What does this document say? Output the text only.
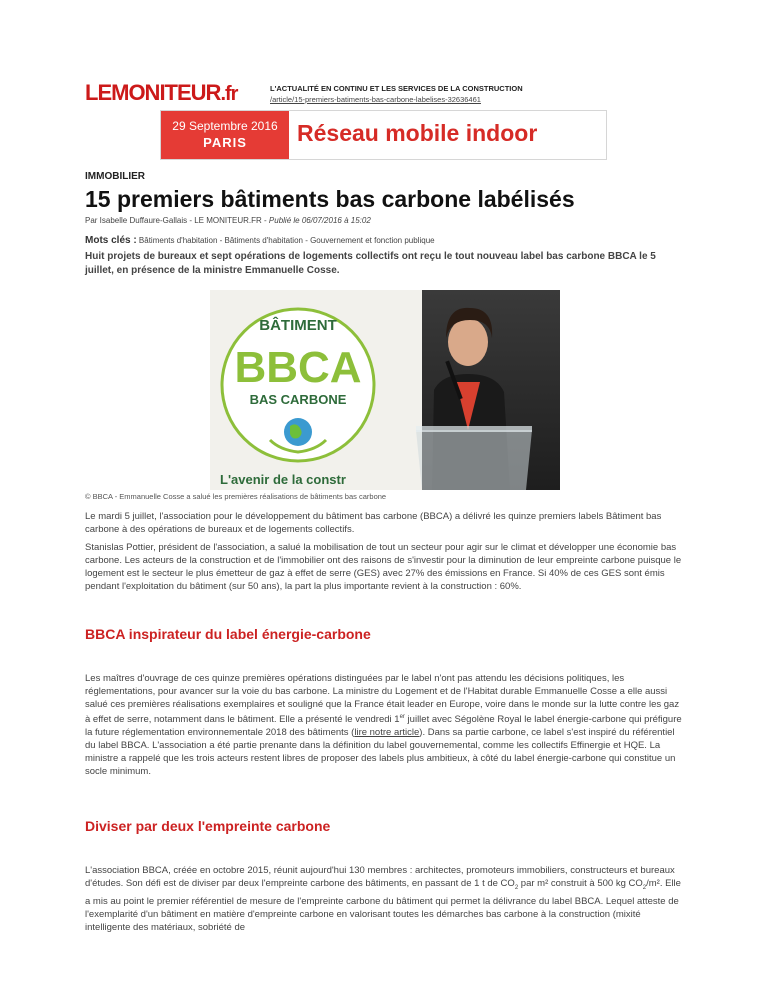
LEMONITEUR.fr	L'ACTUALITÉ EN CONTINU ET LES SERVICES DE LA CONSTRUCTION
/article/15-premiers-batiments-bas-carbone-labelises-32636461
29 Septembre 2016
PARIS	Réseau mobile indoor
IMMOBILIER
15 premiers bâtiments bas carbone labélisés
Par Isabelle Duffaure-Gallais - LE MONITEUR.FR - Publié le 06/07/2016 à 15:02
Mots clés : Bâtiments d'habitation - Bâtiments d'habitation - Gouvernement et fonction publique
Huit projets de bureaux et sept opérations de logements collectifs ont reçu le tout nouveau label bas carbone BBCA le 5 juillet, en présence de la ministre Emmanuelle Cosse.
BÂTIMENT
BBCA
BAS CARBONE
L'avenir de la constr
© BBCA - Emmanuelle Cosse a salué les premières réalisations de bâtiments bas carbone

Le mardi 5 juillet, l'association pour le développement du bâtiment bas carbone (BBCA) a délivré les quinze premiers labels Bâtiment bas carbone à des opérations de bureaux et de logements collectifs.

Stanislas Pottier, président de l'association, a salué la mobilisation de tout un secteur pour agir sur le climat et développer une économie bas carbone. Les acteurs de la construction et de l'immobilier ont des raisons de s'investir pour la diminution de leur empreinte carbone puisque le logement est le secteur le plus émetteur de gaz à effet de serre (GES) avec 27% des émissions en France. Si 40% de ces GES sont émis pendant l'exploitation du bâtiment (sur 50 ans), la part la plus importante revient à la construction : 60%.

BBCA inspirateur du label énergie-carbone

Les maîtres d'ouvrage de ces quinze premières opérations distinguées par le label n'ont pas attendu les décisions politiques, les réglementations, pour avancer sur la voie du bas carbone. La ministre du Logement et de l'Habitat durable Emmanuelle Cosse a elle aussi salué ces premières réalisations exemplaires et souligné que la France était leader en Europe, voire dans le monde sur la lutte contre les gaz à effet de serre, notamment dans le bâtiment. Elle a présenté le vendredi 1er juillet avec Ségolène Royal le label énergie-carbone qui préfigure la future réglementation environnementale 2018 des bâtiments (lire notre article). Dans sa partie carbone, ce label s'est inspiré du référentiel du label BBCA. L'association a été partie prenante dans la définition du label gouvernemental, comme les collectifs Effinergie et HQE. La ministre a rappelé que les trois acteurs restent libres de proposer des labels plus ambitieux, à côté du label énergie-carbone qui constitue un socle minimum.

Diviser par deux l'empreinte carbone

L'association BBCA, créée en octobre 2015, réunit aujourd'hui 130 membres : architectes, promoteurs immobiliers, constructeurs et bureaux d'études. Son défi est de diviser par deux l'empreinte carbone des bâtiments, en passant de 1 t de $CO_2$ par m² construit à 500 kg $CO_2/m^2$. Elle a mis au point le premier référentiel de mesure de l'empreinte carbone du bâtiment qui permet la délivrance du label BBCA. Lequel atteste de l'exemplarité d'un bâtiment en matière d'empreinte carbone en valorisant toutes les démarches bas carbone à la construction (mixité intelligente des matériaux, sobriété de
